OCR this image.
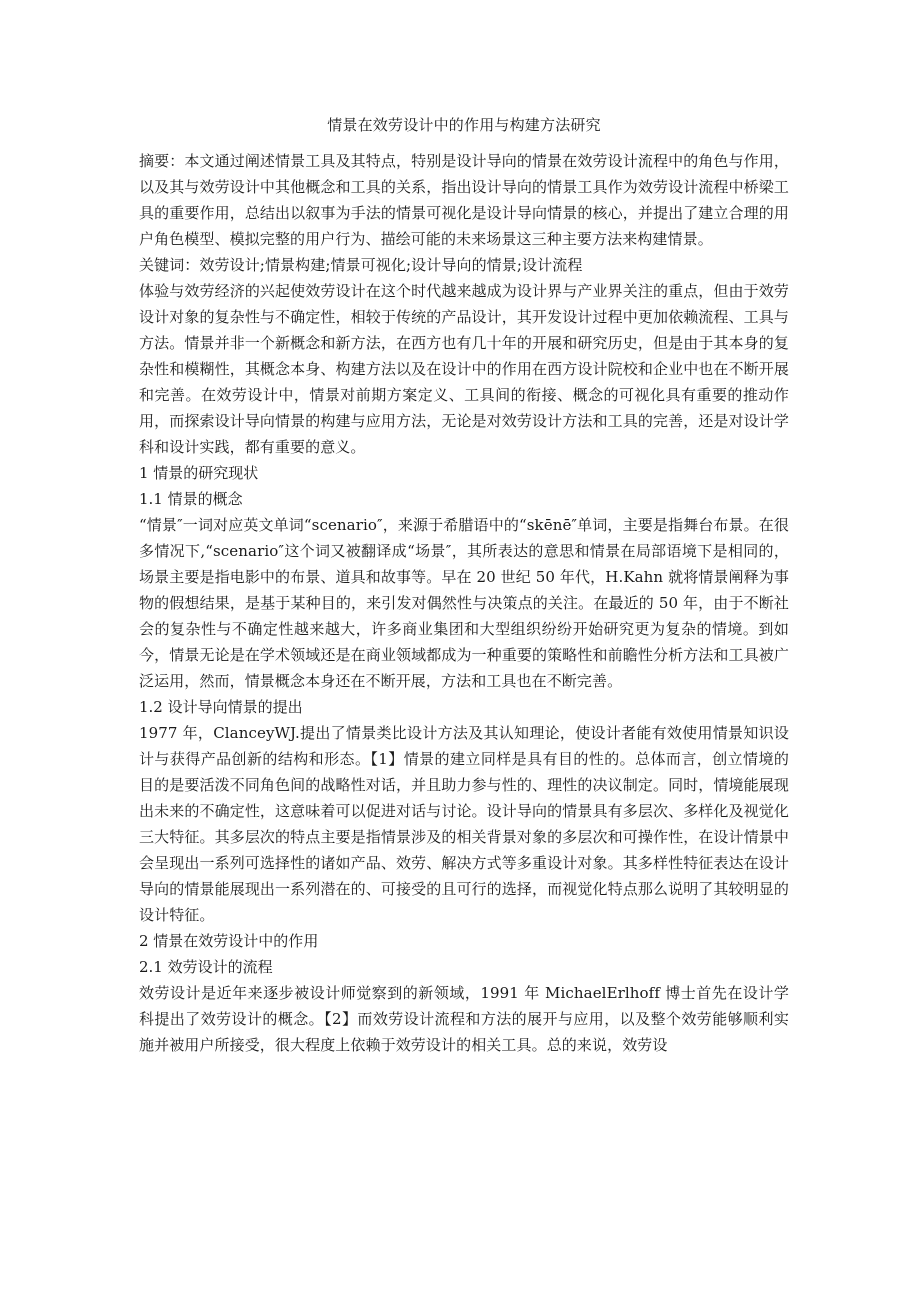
情景在效劳设计中的作用与构建方法研究

摘要：本文通过阐述情景工具及其特点，特别是设计导向的情景在效劳设计流程中的角色与作用，以及其与效劳设计中其他概念和工具的关系，指出设计导向的情景工具作为效劳设计流程中桥梁工具的重要作用，总结出以叙事为手法的情景可视化是设计导向情景的核心，并提出了建立合理的用户角色模型、模拟完整的用户行为、描绘可能的未来场景这三种主要方法来构建情景。

关键词：效劳设计;情景构建;情景可视化;设计导向的情景;设计流程

体验与效劳经济的兴起使效劳设计在这个时代越来越成为设计界与产业界关注的重点，但由于效劳设计对象的复杂性与不确定性，相较于传统的产品设计，其开发设计过程中更加依赖流程、工具与方法。情景并非一个新概念和新方法，在西方也有几十年的开展和研究历史，但是由于其本身的复杂性和模糊性，其概念本身、构建方法以及在设计中的作用在西方设计院校和企业中也在不断开展和完善。在效劳设计中，情景对前期方案定义、工具间的衔接、概念的可视化具有重要的推动作用，而探索设计导向情景的构建与应用方法，无论是对效劳设计方法和工具的完善，还是对设计学科和设计实践，都有重要的意义。

1 情景的研究现状

1.1 情景的概念

“情景″一词对应英文单词“scenario″，来源于希腊语中的“skēnē″单词，主要是指舞台布景。在很多情况下,“scenario″这个词又被翻译成“场景″，其所表达的意思和情景在局部语境下是相同的，场景主要是指电影中的布景、道具和故事等。早在 20 世纪 50 年代，H.Kahn 就将情景阐释为事物的假想结果，是基于某种目的，来引发对偶然性与决策点的关注。在最近的 50 年，由于不断社会的复杂性与不确定性越来越大，许多商业集团和大型组织纷纷开始研究更为复杂的情境。到如今，情景无论是在学术领域还是在商业领域都成为一种重要的策略性和前瞻性分析方法和工具被广泛运用，然而，情景概念本身还在不断开展，方法和工具也在不断完善。

1.2 设计导向情景的提出

1977 年，ClanceyWJ.提出了情景类比设计方法及其认知理论，使设计者能有效使用情景知识设计与获得产品创新的结构和形态。【1】情景的建立同样是具有目的性的。总体而言，创立情境的目的是要活泼不同角色间的战略性对话，并且助力参与性的、理性的决议制定。同时，情境能展现出未来的不确定性，这意味着可以促进对话与讨论。设计导向的情景具有多层次、多样化及视觉化三大特征。其多层次的特点主要是指情景涉及的相关背景对象的多层次和可操作性，在设计情景中会呈现出一系列可选择性的诸如产品、效劳、解决方式等多重设计对象。其多样性特征表达在设计导向的情景能展现出一系列潜在的、可接受的且可行的选择，而视觉化特点那么说明了其较明显的设计特征。

2 情景在效劳设计中的作用

2.1 效劳设计的流程

效劳设计是近年来逐步被设计师觉察到的新领域，1991 年 MichaelErlhoff 博士首先在设计学科提出了效劳设计的概念。【2】而效劳设计流程和方法的展开与应用，以及整个效劳能够顺利实施并被用户所接受，很大程度上依赖于效劳设计的相关工具。总的来说，效劳设
